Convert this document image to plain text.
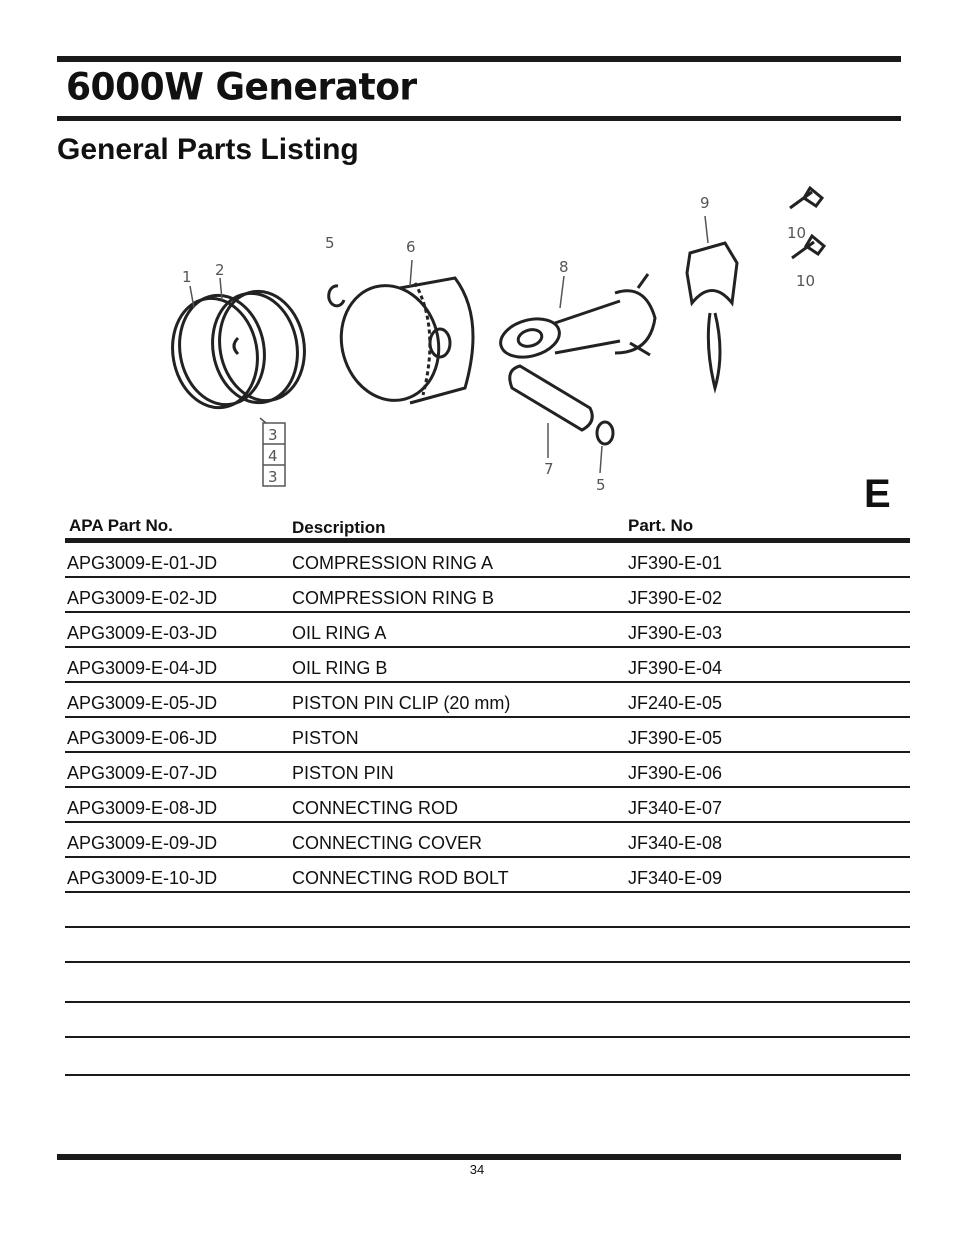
6000W Generator
General Parts Listing
1 2
3
4
3
5	6
8
7
5
9
10
10
E
APA Part No.	Description	Part. No
APG3009-E-01-JD	COMPRESSION RING A	JF390-E-01
APG3009-E-02-JD	COMPRESSION RING B	JF390-E-02
APG3009-E-03-JD	OIL RING A	JF390-E-03
APG3009-E-04-JD	OIL RING B	JF390-E-04
APG3009-E-05-JD	PISTON PIN CLIP (20 mm)	JF240-E-05
APG3009-E-06-JD	PISTON	JF390-E-05
APG3009-E-07-JD	PISTON PIN	JF390-E-06
APG3009-E-08-JD	CONNECTING ROD	JF340-E-07
APG3009-E-09-JD	CONNECTING COVER	JF340-E-08
APG3009-E-10-JD	CONNECTING ROD BOLT	JF340-E-09
34
